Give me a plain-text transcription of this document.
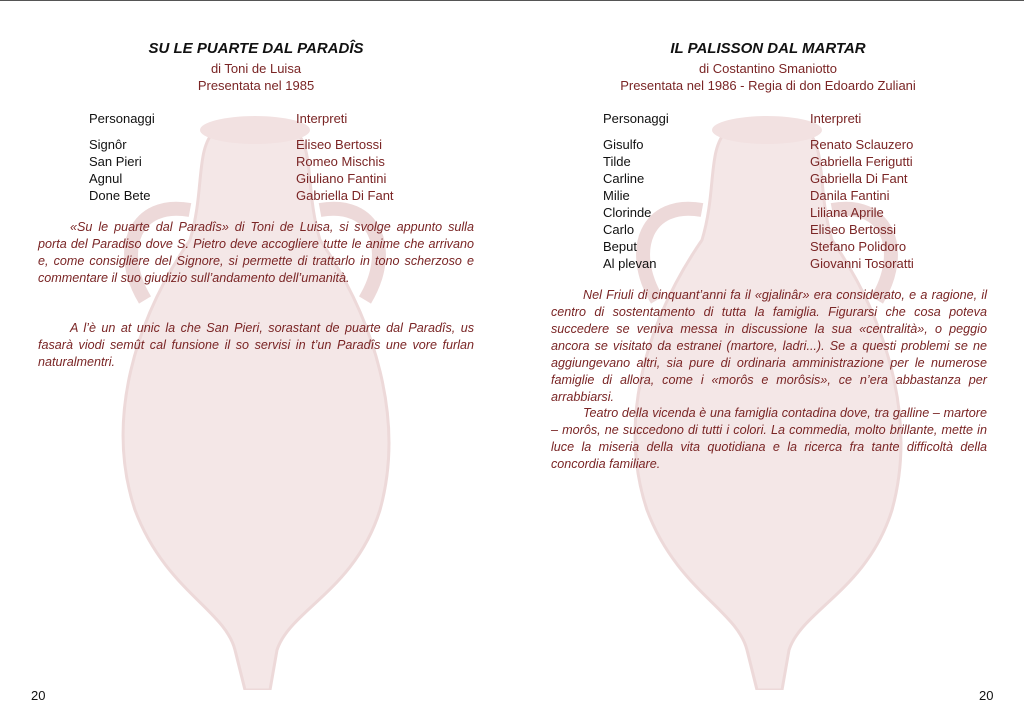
SU LE PUARTE DAL PARADÎS
di Toni de Luisa
Presentata nel 1985
Personaggi	Interpreti
Signôr	Eliseo Bertossi
San Pieri	Romeo Mischis
Agnul	Giuliano Fantini
Done Bete	Gabriella Di Fant

«Su le puarte dal Paradîs» di Toni de Luisa, si svolge appunto sulla porta del Paradiso dove S. Pietro deve accogliere tutte le anime che arrivano e, come consigliere del Signore, si permette di trattarlo in tono scherzoso e commentare il suo giudizio sull’andamento dell’umanità.

A l’è un at unic la che San Pieri, sorastant de puarte dal Paradîs, us fasarà viodi semût cal funsione il so servisi in t’un Paradîs une vore furlan naturalmentri.

20
IL PALISSON DAL MARTAR
di Costantino Smaniotto
Presentata nel 1986 - Regia di don Edoardo Zuliani
Personaggi	Interpreti
Gisulfo	Renato Sclauzero
Tilde	Gabriella Ferigutti
Carline	Gabriella Di Fant
Milie	Danila Fantini
Clorinde	Liliana Aprile
Carlo	Eliseo Bertossi
Beput	Stefano Polidoro
Al plevan	Giovanni Tosoratti

Nel Friuli di cinquant’anni fa il «gjalinâr» era considerato, e a ragione, il centro di sostentamento di tutta la famiglia. Figurarsi che cosa poteva succedere se veniva messa in discussione la sua «centralità», o peggio ancora se visitato da estranei (martore, ladri...). Se a questi problemi se ne aggiungevano altri, sia pure di ordinaria amministrazione per le numerose famiglie di allora, come i «morôs e morôsis», ce n’era abbastanza per arrabbiarsi.

Teatro della vicenda è una famiglia contadina dove, tra galline – martore – morôs, ne succedono di tutti i colori. La commedia, molto brillante, mette in luce la miseria della vita quotidiana e la ricerca fra tante difficoltà della concordia familiare.

20
